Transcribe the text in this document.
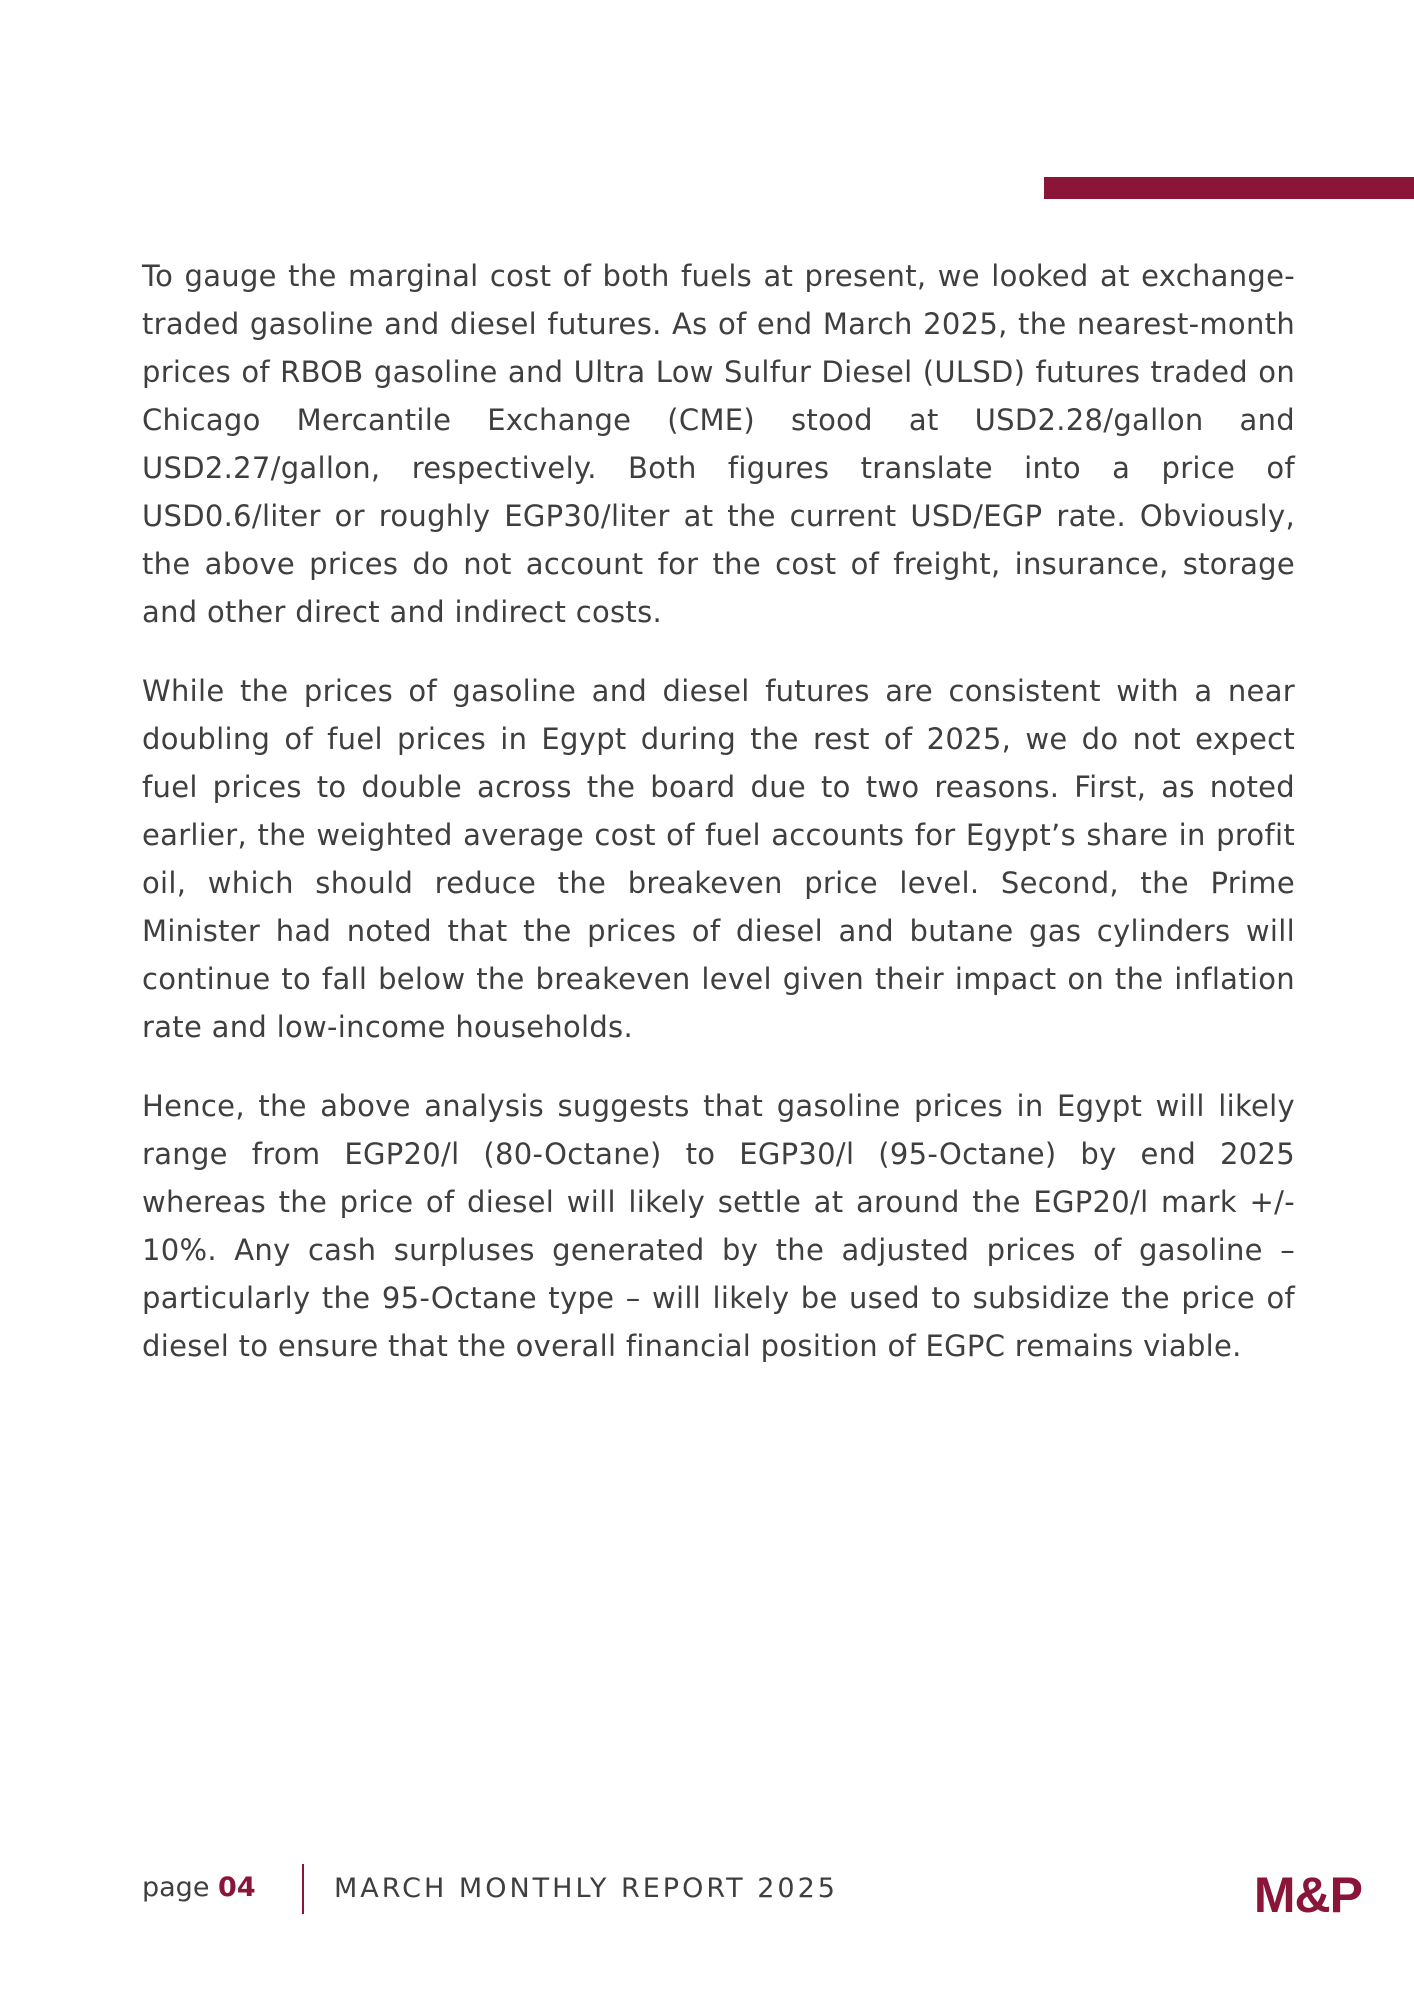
To gauge the marginal cost of both fuels at present, we looked at exchange-traded gasoline and diesel futures. As of end March 2025, the nearest-month prices of RBOB gasoline and Ultra Low Sulfur Diesel (ULSD) futures traded on Chicago Mercantile Exchange (CME) stood at USD2.28/gallon and USD2.27/gallon, respectively. Both figures translate into a price of USD0.6/liter or roughly EGP30/liter at the current USD/EGP rate. Obviously, the above prices do not account for the cost of freight, insurance, storage and other direct and indirect costs.

While the prices of gasoline and diesel futures are consistent with a near doubling of fuel prices in Egypt during the rest of 2025, we do not expect fuel prices to double across the board due to two reasons. First, as noted earlier, the weighted average cost of fuel accounts for Egypt’s share in profit oil, which should reduce the breakeven price level. Second, the Prime Minister had noted that the prices of diesel and butane gas cylinders will continue to fall below the breakeven level given their impact on the inflation rate and low-income households.

Hence, the above analysis suggests that gasoline prices in Egypt will likely range from EGP20/l (80-Octane) to EGP30/l (95-Octane) by end 2025 whereas the price of diesel will likely settle at around the EGP20/l mark +/- 10%. Any cash surpluses generated by the adjusted prices of gasoline – particularly the 95-Octane type – will likely be used to subsidize the price of diesel to ensure that the overall financial position of EGPC remains viable.

page 04	MARCH MONTHLY REPORT 2025	M&P
